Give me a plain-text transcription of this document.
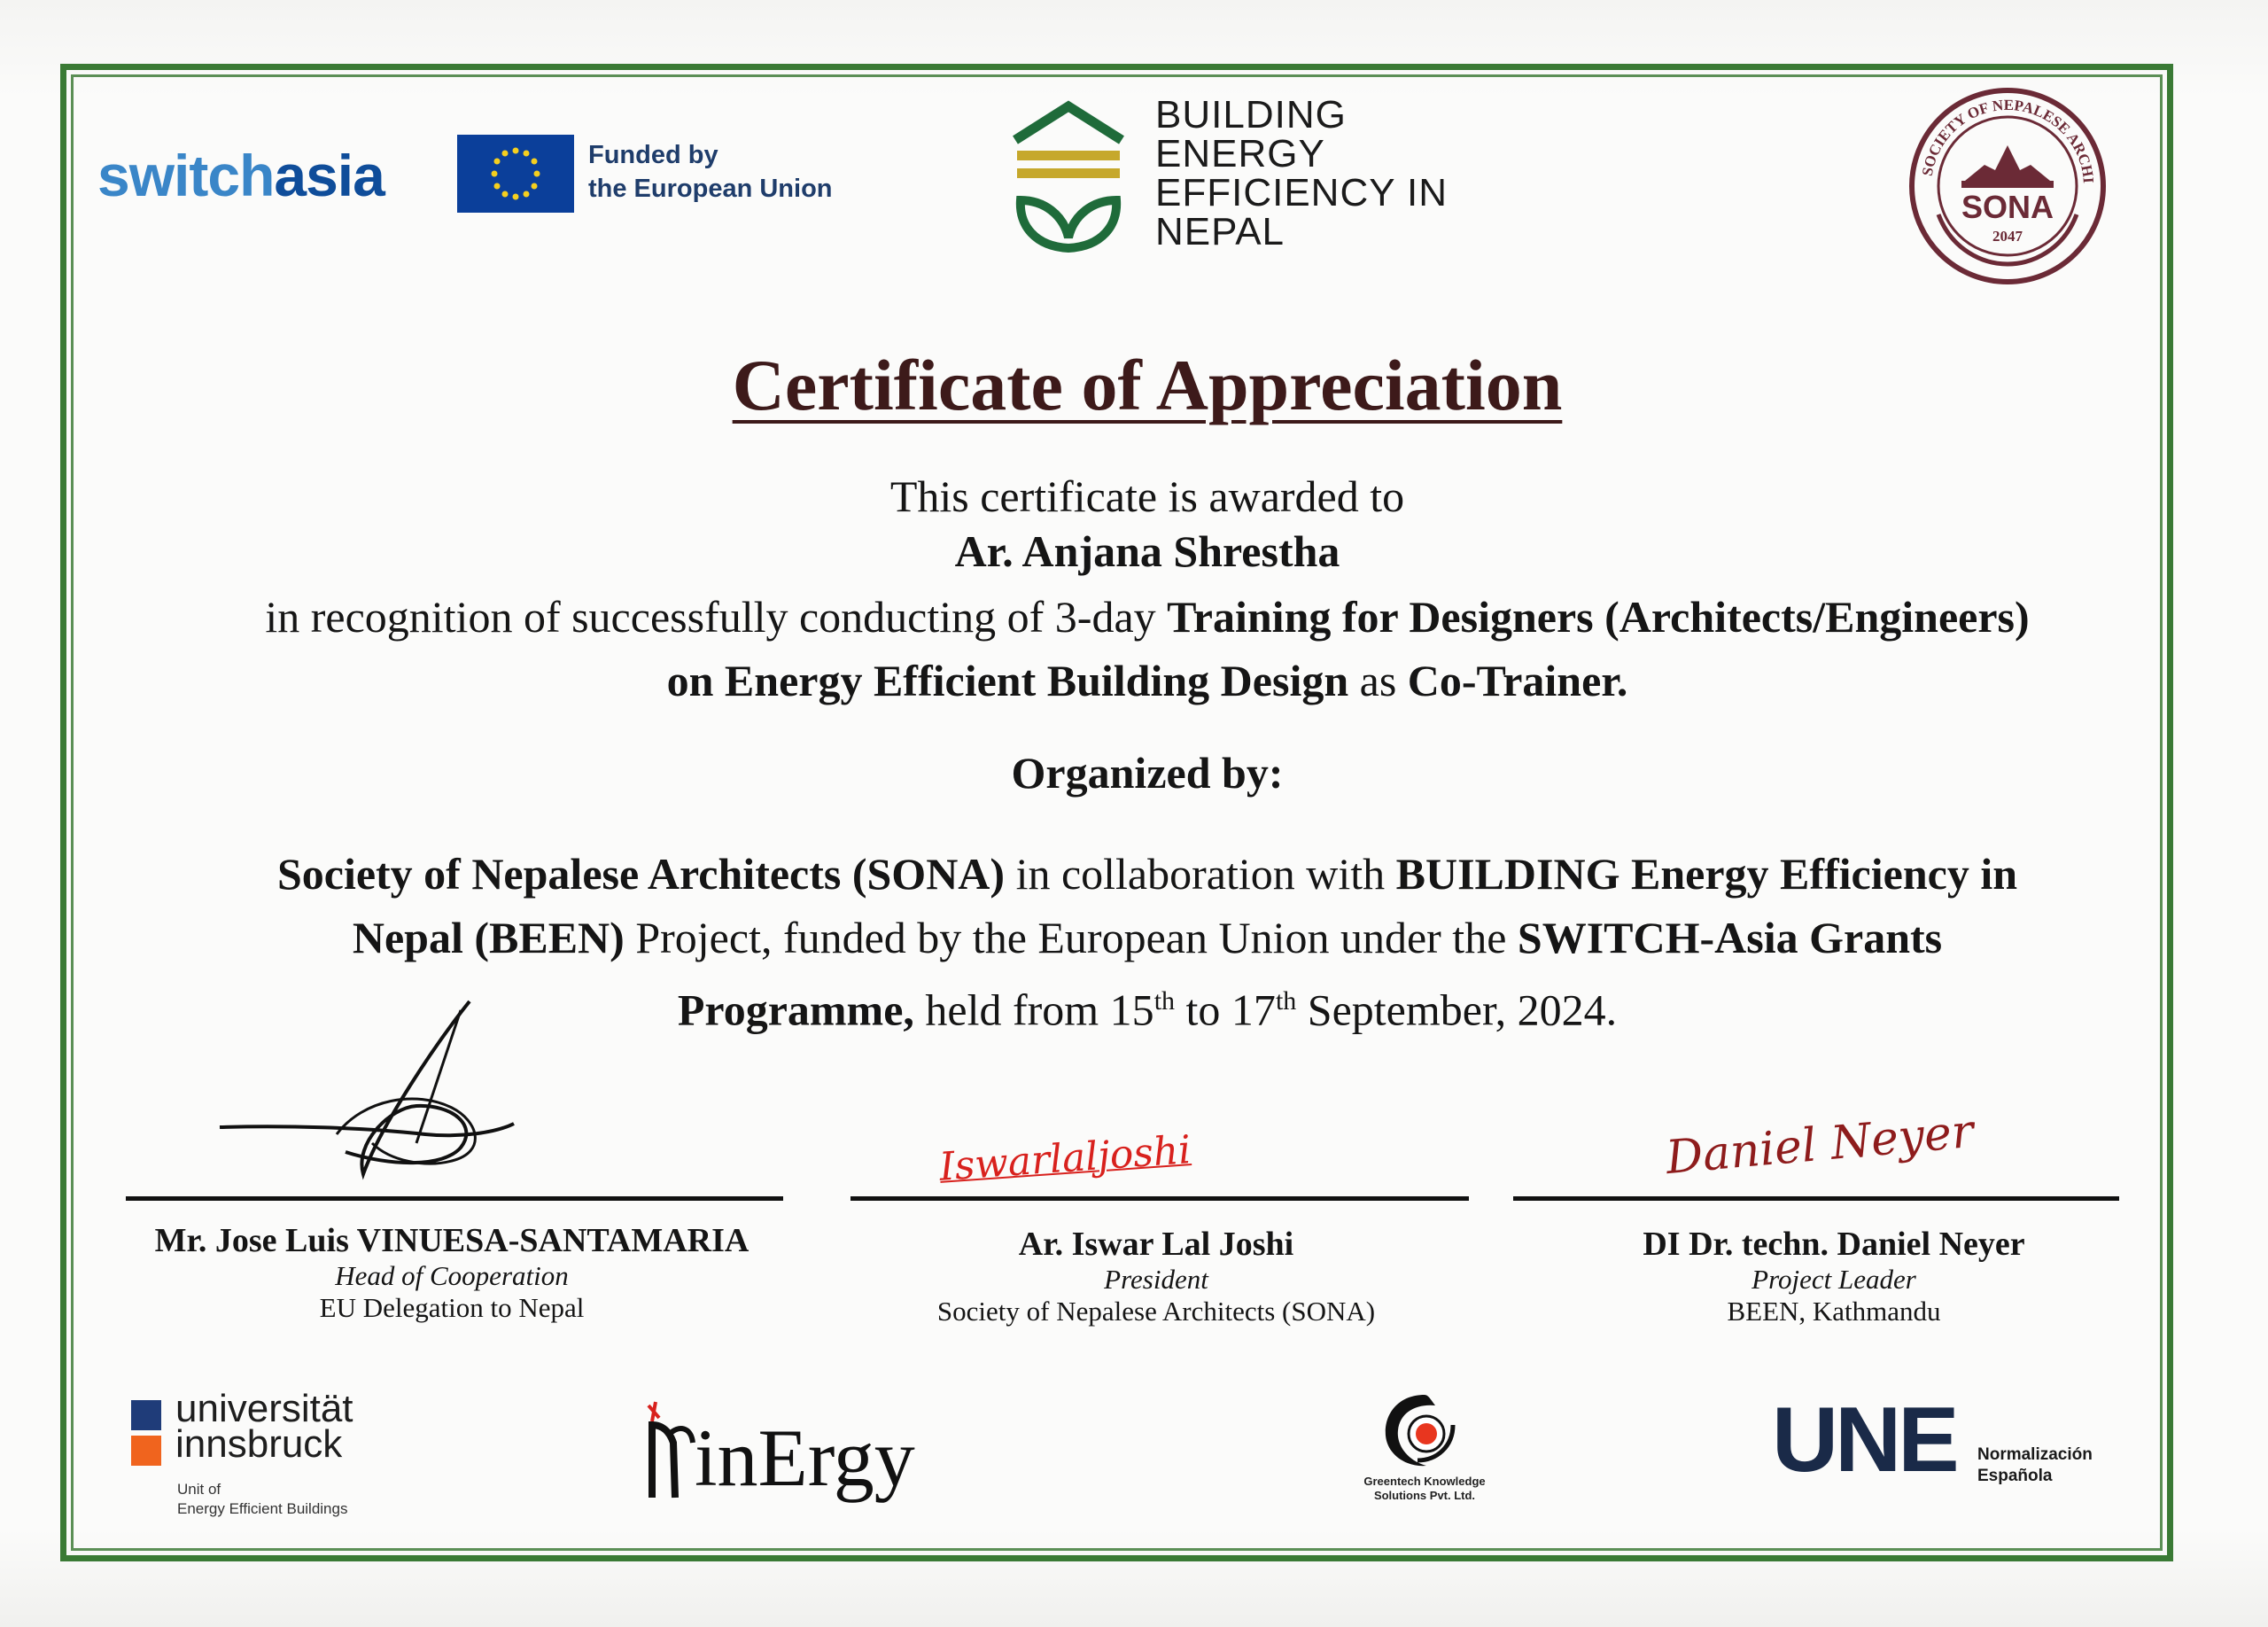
switchasia	Funded by
the European Union
BUILDING
ENERGY
EFFICIENCY IN
NEPAL
SOCIETY OF NEPALESE ARCHI
SONA
2047
Certificate of Appreciation
This certificate is awarded to
Ar. Anjana Shrestha
in recognition of successfully conducting of 3-day Training for Designers (Architects/Engineers)
on Energy Efficient Building Design as Co-Trainer.
Organized by:
Society of Nepalese Architects (SONA) in collaboration with BUILDING Energy Efficiency in
Nepal (BEEN) Project, funded by the European Union under the SWITCH-Asia Grants
Programme, held from 15th to 17th September, 2024.
Iswarlaljoshi	Daniel Neyer
Mr. Jose Luis VINUESA-SANTAMARIA
Head of Cooperation
EU Delegation to Nepal
Ar. Iswar Lal Joshi
President
Society of Nepalese Architects (SONA)
DI Dr. techn. Daniel Neyer
Project Leader
BEEN, Kathmandu
universität
innsbruck
Unit of
Energy Efficient Buildings
inErgy	Greentech Knowledge
Solutions Pvt. Ltd.
UNE Normalización
Española
